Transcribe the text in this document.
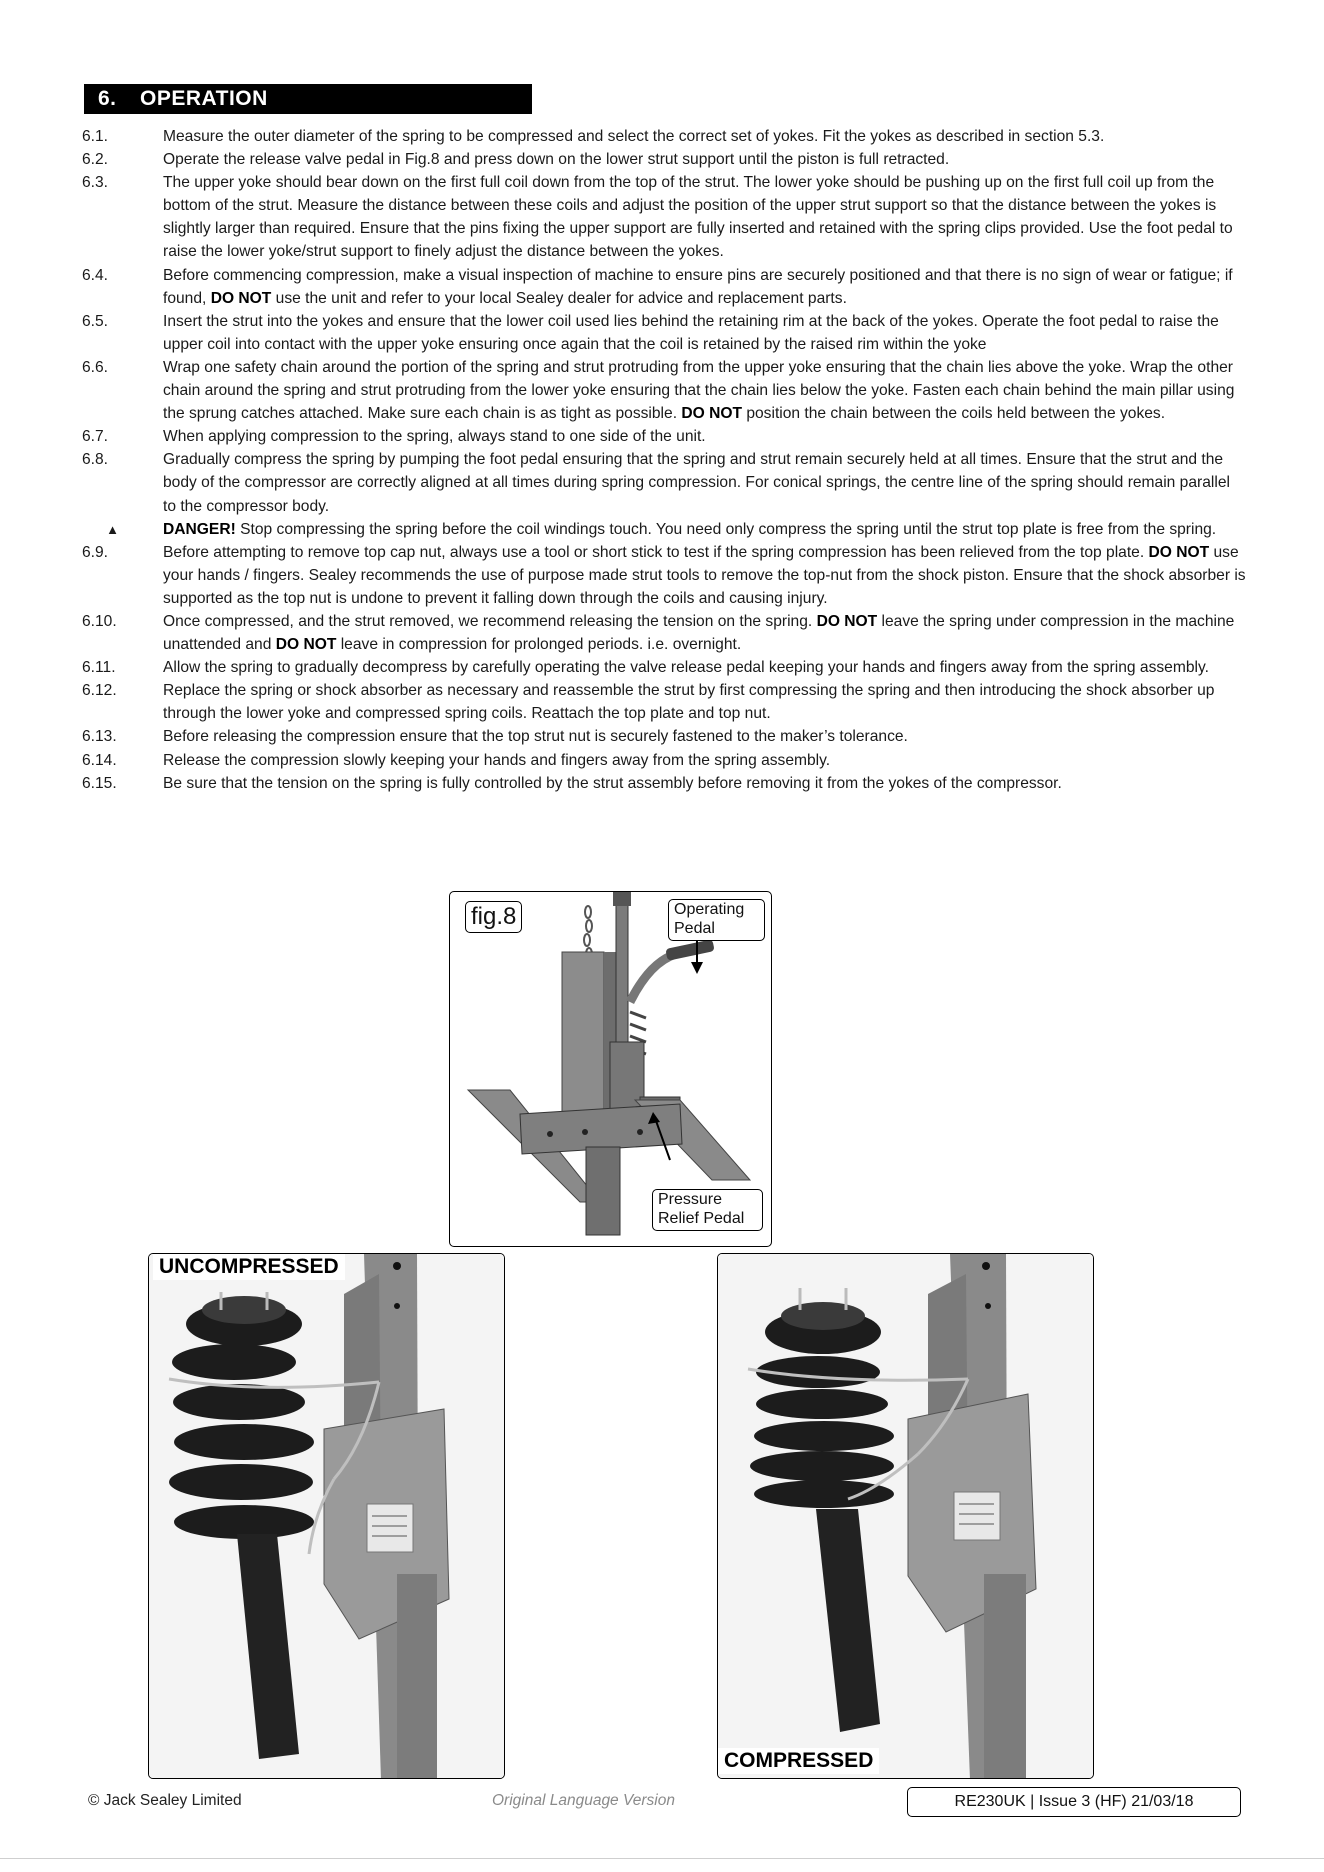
6. OPERATION
6.1.	Measure the outer diameter of the spring to be compressed and select the correct set of yokes. Fit the yokes as described in section 5.3.
6.2.	Operate the release valve pedal in Fig.8 and press down on the lower strut support until the piston is full retracted.
6.3.	The upper yoke should bear down on the first full coil down from the top of the strut. The lower yoke should be pushing up on the first full coil up from the bottom of the strut. Measure the distance between these coils and adjust the position of the upper strut support so that the distance between the yokes is slightly larger than required. Ensure that the pins fixing the upper support are fully inserted and retained with the spring clips provided. Use the foot pedal to raise the lower yoke/strut support to finely adjust the distance between the yokes.
6.4.	Before commencing compression, make a visual inspection of machine to ensure pins are securely positioned and that there is no sign of wear or fatigue; if found, DO NOT use the unit and refer to your local Sealey dealer for advice and replacement parts.
6.5.	Insert the strut into the yokes and ensure that the lower coil used lies behind the retaining rim at the back of the yokes. Operate the foot pedal to raise the upper coil into contact with the upper yoke ensuring once again that the coil is retained by the raised rim within the yoke
6.6.	Wrap one safety chain around the portion of the spring and strut protruding from the upper yoke ensuring that the chain lies above the yoke. Wrap the other chain around the spring and strut protruding from the lower yoke ensuring that the chain lies below the yoke. Fasten each chain behind the main pillar using the sprung catches attached. Make sure each chain is as tight as possible. DO NOT position the chain between the coils held between the yokes.
6.7.	When applying compression to the spring, always stand to one side of the unit.
6.8.	Gradually compress the spring by pumping the foot pedal ensuring that the spring and strut remain securely held at all times. Ensure that the strut and the body of the compressor are correctly aligned at all times during spring compression. For conical springs, the centre line of the spring should remain parallel to the compressor body.
▲	DANGER! Stop compressing the spring before the coil windings touch. You need only compress the spring until the strut top plate is free from the spring.
6.9.	Before attempting to remove top cap nut, always use a tool or short stick to test if the spring compression has been relieved from the top plate. DO NOT use your hands / fingers. Sealey recommends the use of purpose made strut tools to remove the top-nut from the shock piston. Ensure that the shock absorber is supported as the top nut is undone to prevent it falling down through the coils and causing injury.
6.10.	Once compressed, and the strut removed, we recommend releasing the tension on the spring. DO NOT leave the spring under compression in the machine unattended and DO NOT leave in compression for prolonged periods. i.e. overnight.
6.11.	Allow the spring to gradually decompress by carefully operating the valve release pedal keeping your hands and fingers away from the spring assembly.
6.12.	Replace the spring or shock absorber as necessary and reassemble the strut by first compressing the spring and then introducing the shock absorber up through the lower yoke and compressed spring coils. Reattach the top plate and top nut.
6.13.	Before releasing the compression ensure that the top strut nut is securely fastened to the maker’s tolerance.
6.14.	Release the compression slowly keeping your hands and fingers away from the spring assembly.
6.15.	Be sure that the tension on the spring is fully controlled by the strut assembly before removing it from the yokes of the compressor.
fig.8	Operating
Pedal
Pressure
Relief Pedal
UNCOMPRESSED
COMPRESSED
© Jack Sealey Limited	Original Language Version	RE230UK | Issue 3 (HF) 21/03/18
